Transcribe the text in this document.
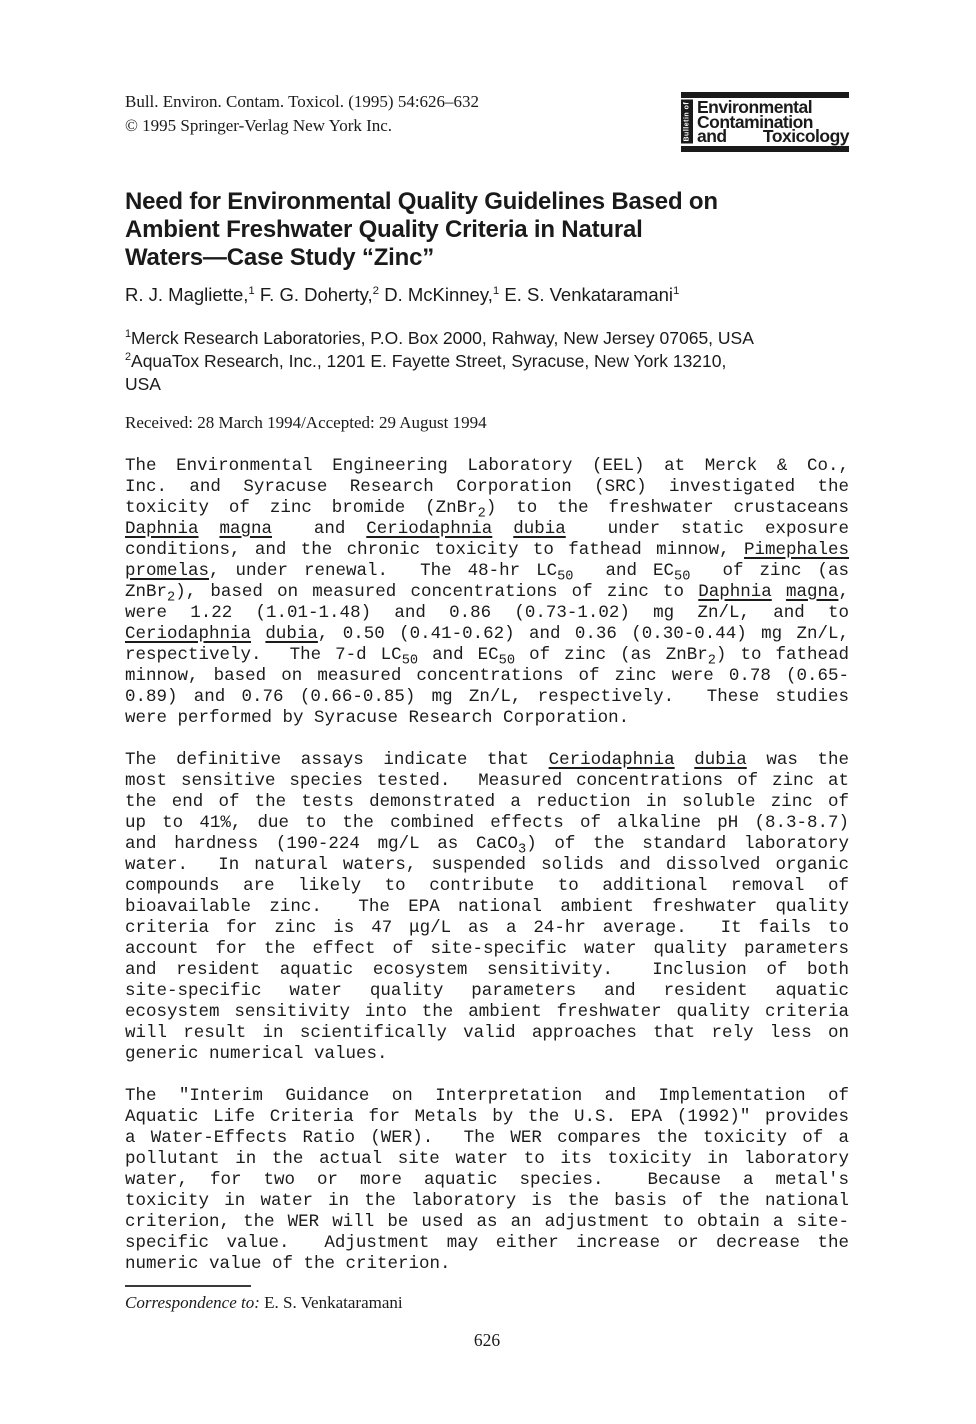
Bull. Environ. Contam. Toxicol. (1995) 54:626–632
© 1995 Springer-Verlag New York Inc.	Bulletin of Environmental
Contamination
and Toxicology
Need for Environmental Quality Guidelines Based on
Ambient Freshwater Quality Criteria in Natural
Waters—Case Study “Zinc”
R. J. Magliette,$^1$ F. G. Doherty,$^2$ D. McKinney,$^1$ E. S. Venkataramani$^1$
$^1$Merck Research Laboratories, P.O. Box 2000, Rahway, New Jersey 07065, USA
$^2$AquaTox Research, Inc., 1201 E. Fayette Street, Syracuse, New York 13210,
USA
Received: 28 March 1994/Accepted: 29 August 1994
The Environmental Engineering Laboratory (EEL) at Merck & Co.,
Inc. and Syracuse Research Corporation (SRC) investigated the
toxicity of zinc bromide (ZnBr$_2$) to the freshwater crustaceans
Daphnia magna  and Ceriodaphnia dubia  under static exposure
conditions, and the chronic toxicity to fathead minnow, Pimephales
promelas, under renewal.  The 48-hr $LC_{50}$  and $EC_{50}$  of zinc (as
ZnBr$_2$), based on measured concentrations of zinc to Daphnia magna,
were 1.22 (1.01-1.48) and 0.86 (0.73-1.02) mg Zn/L, and to
Ceriodaphnia dubia, 0.50 (0.41-0.62) and 0.36 (0.30-0.44) mg Zn/L,
respectively.  The 7-d $LC_{50}$ and $EC_{50}$ of zinc (as ZnBr$_2$) to fathead
minnow, based on measured concentrations of zinc were 0.78 (0.65-
0.89) and 0.76 (0.66-0.85) mg Zn/L, respectively.  These studies
were performed by Syracuse Research Corporation.
The definitive assays indicate that Ceriodaphnia dubia was the
most sensitive species tested.  Measured concentrations of zinc at
the end of the tests demonstrated a reduction in soluble zinc of
up to 41%, due to the combined effects of alkaline pH (8.3-8.7)
and hardness (190-224 mg/L as CaCO$_3$) of the standard laboratory
water.  In natural waters, suspended solids and dissolved organic
compounds are likely to contribute to additional removal of
bioavailable zinc.  The EPA national ambient freshwater quality
criteria for zinc is 47 μg/L as a 24-hr average.  It fails to
account for the effect of site-specific water quality parameters
and resident aquatic ecosystem sensitivity.  Inclusion of both
site-specific water quality parameters and resident aquatic
ecosystem sensitivity into the ambient freshwater quality criteria
will result in scientifically valid approaches that rely less on
generic numerical values.
The "Interim Guidance on Interpretation and Implementation of
Aquatic Life Criteria for Metals by the U.S. EPA (1992)" provides
a Water-Effects Ratio (WER).  The WER compares the toxicity of a
pollutant in the actual site water to its toxicity in laboratory
water, for two or more aquatic species.  Because a metal's
toxicity in water in the laboratory is the basis of the national
criterion, the WER will be used as an adjustment to obtain a site-
specific value.  Adjustment may either increase or decrease the
numeric value of the criterion.
Correspondence to: E. S. Venkataramani
626
